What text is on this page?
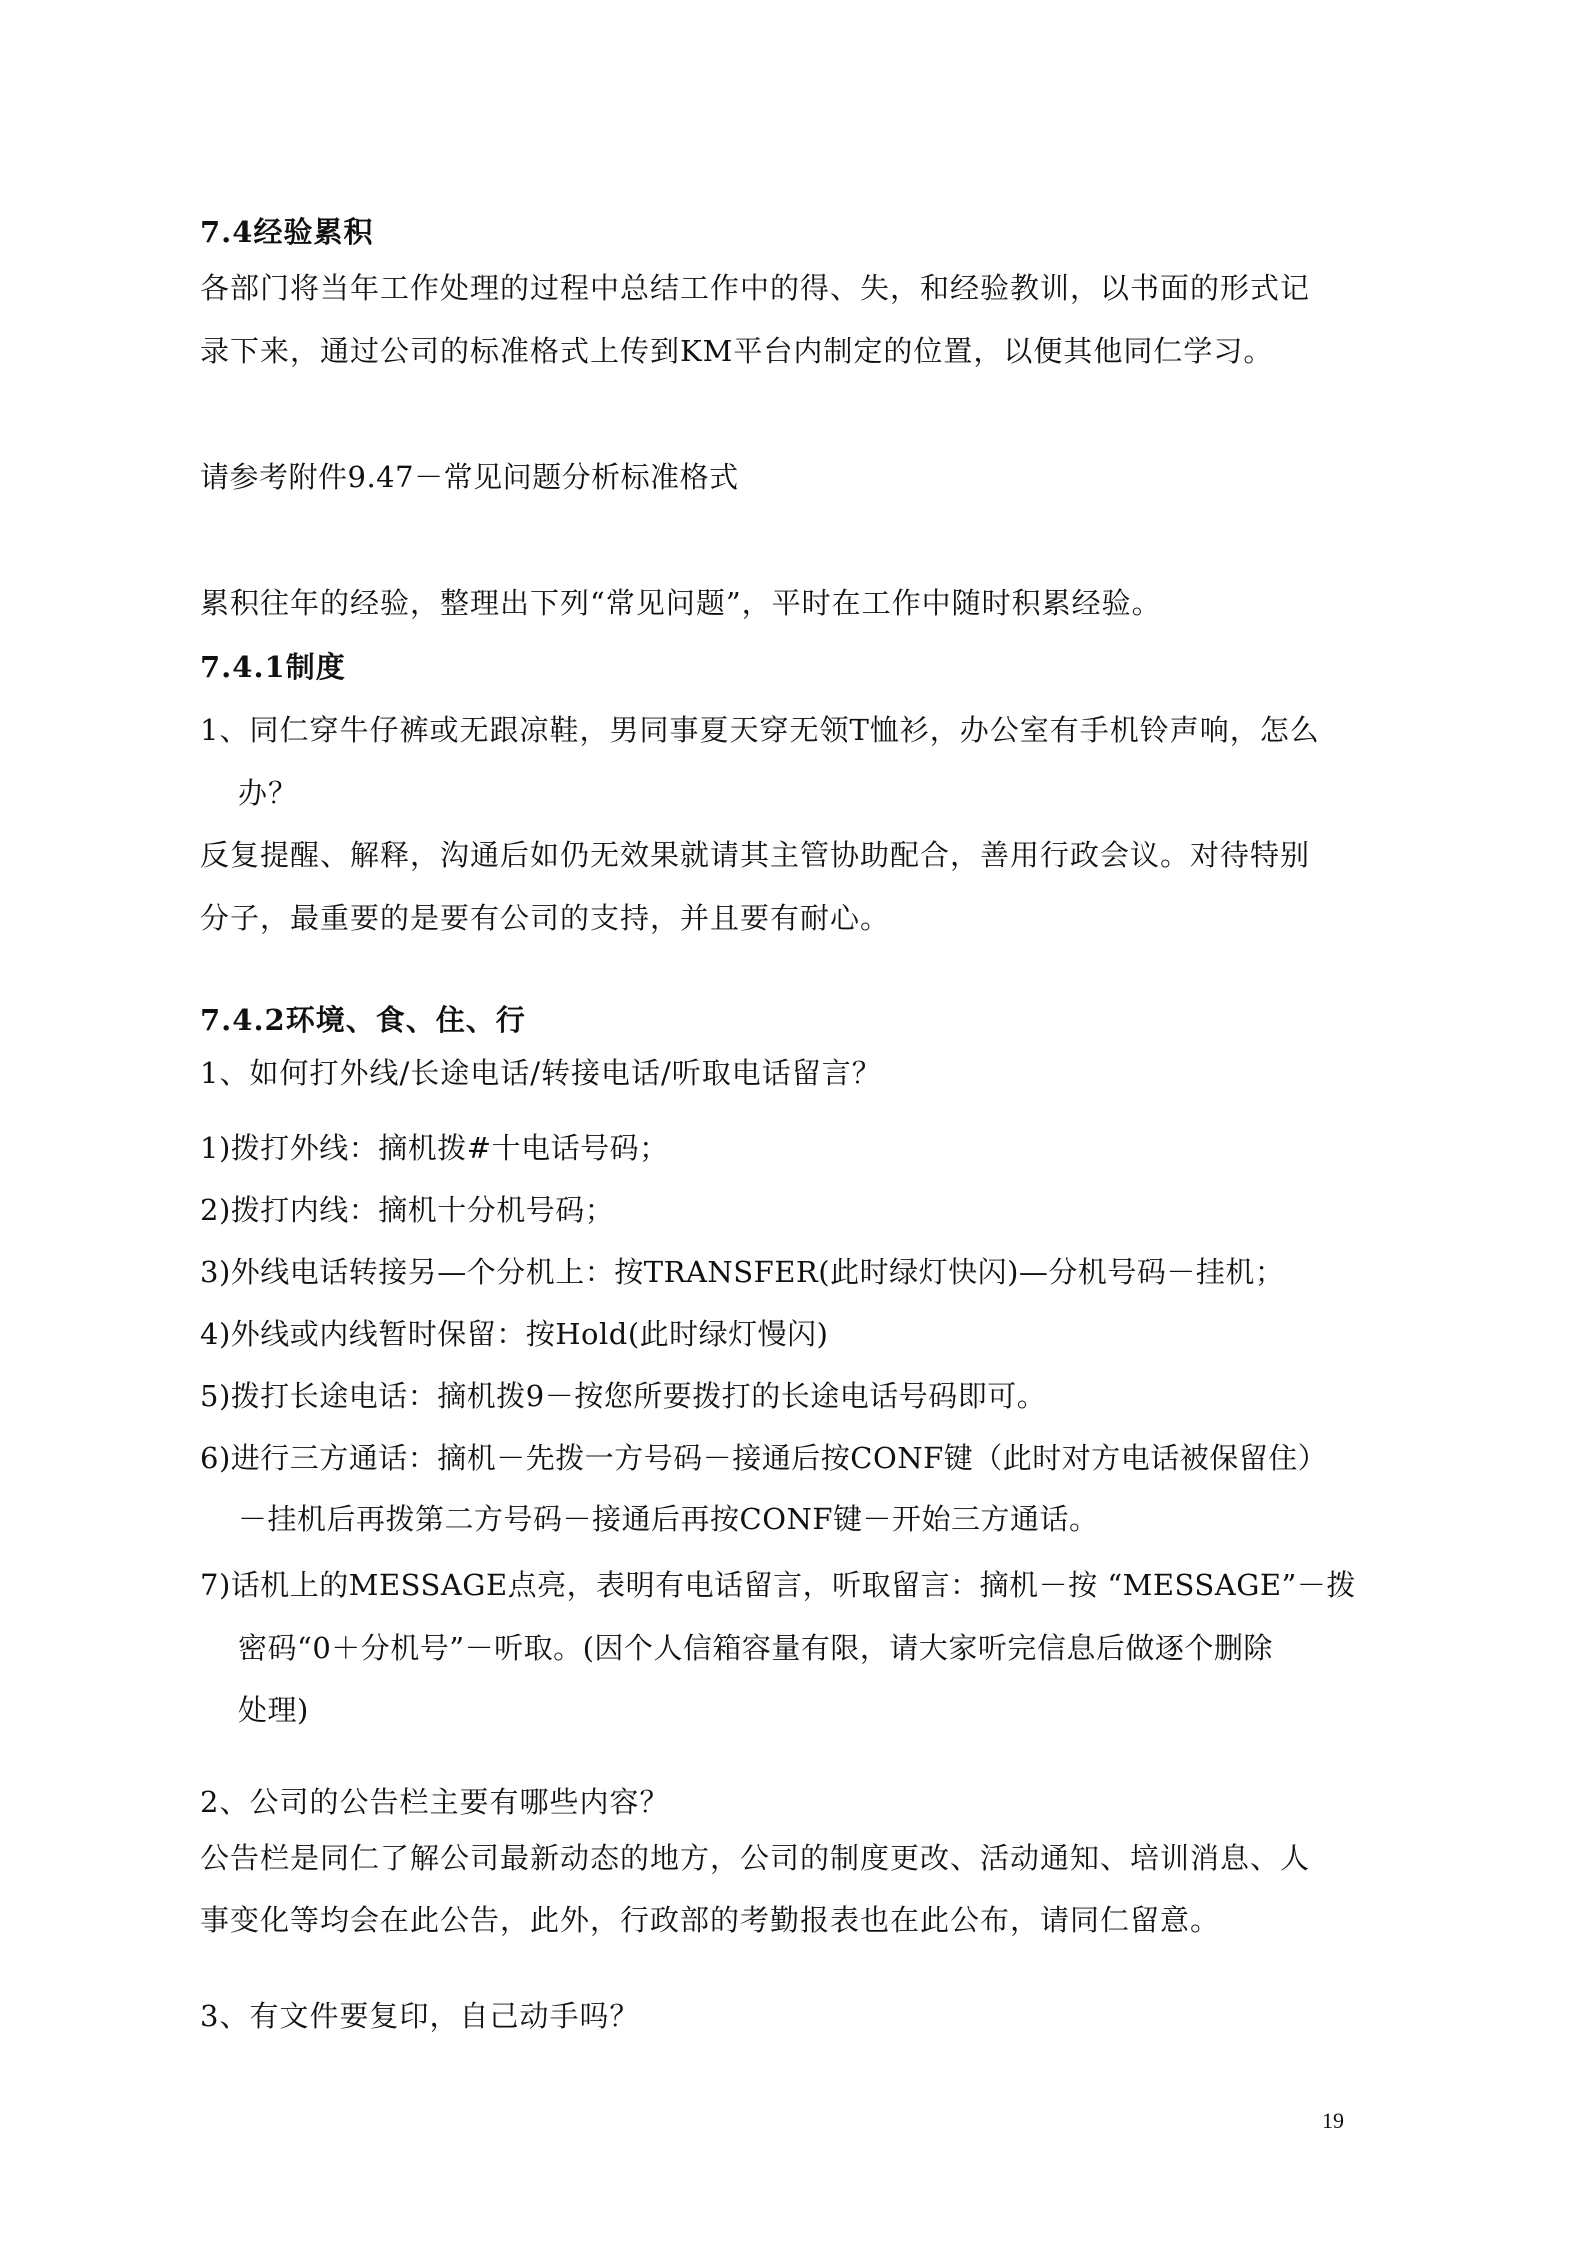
7.4经验累积
各部门将当年工作处理的过程中总结工作中的得、失，和经验教训，以书面的形式记
录下来，通过公司的标准格式上传到KM平台内制定的位置，以便其他同仁学习。
请参考附件9.47－常见问题分析标准格式
累积往年的经验，整理出下列“常见问题”，平时在工作中随时积累经验。
7.4.1制度
1、同仁穿牛仔裤或无跟凉鞋，男同事夏天穿无领T恤衫，办公室有手机铃声响，怎么
办？
反复提醒、解释，沟通后如仍无效果就请其主管协助配合，善用行政会议。对待特别
分子，最重要的是要有公司的支持，并且要有耐心。
7.4.2环境、食、住、行
1、如何打外线/长途电话/转接电话/听取电话留言？
1)拨打外线：摘机拨#十电话号码；
2)拨打内线：摘机十分机号码；
3)外线电话转接另—个分机上：按TRANSFER(此时绿灯快闪)—分机号码－挂机；
4)外线或内线暂时保留：按Hold(此时绿灯慢闪)
5)拨打长途电话：摘机拨9－按您所要拨打的长途电话号码即可。
6)进行三方通话：摘机－先拨一方号码－接通后按CONF键（此时对方电话被保留住）
－挂机后再拨第二方号码－接通后再按CONF键－开始三方通话。
7)话机上的MESSAGE点亮，表明有电话留言，听取留言：摘机－按 “MESSAGE”－拨
密码“0＋分机号”－听取。(因个人信箱容量有限，请大家听完信息后做逐个删除
处理)
2、公司的公告栏主要有哪些内容？
公告栏是同仁了解公司最新动态的地方，公司的制度更改、活动通知、培训消息、人
事变化等均会在此公告，此外，行政部的考勤报表也在此公布，请同仁留意。
3、有文件要复印，自己动手吗？
19
